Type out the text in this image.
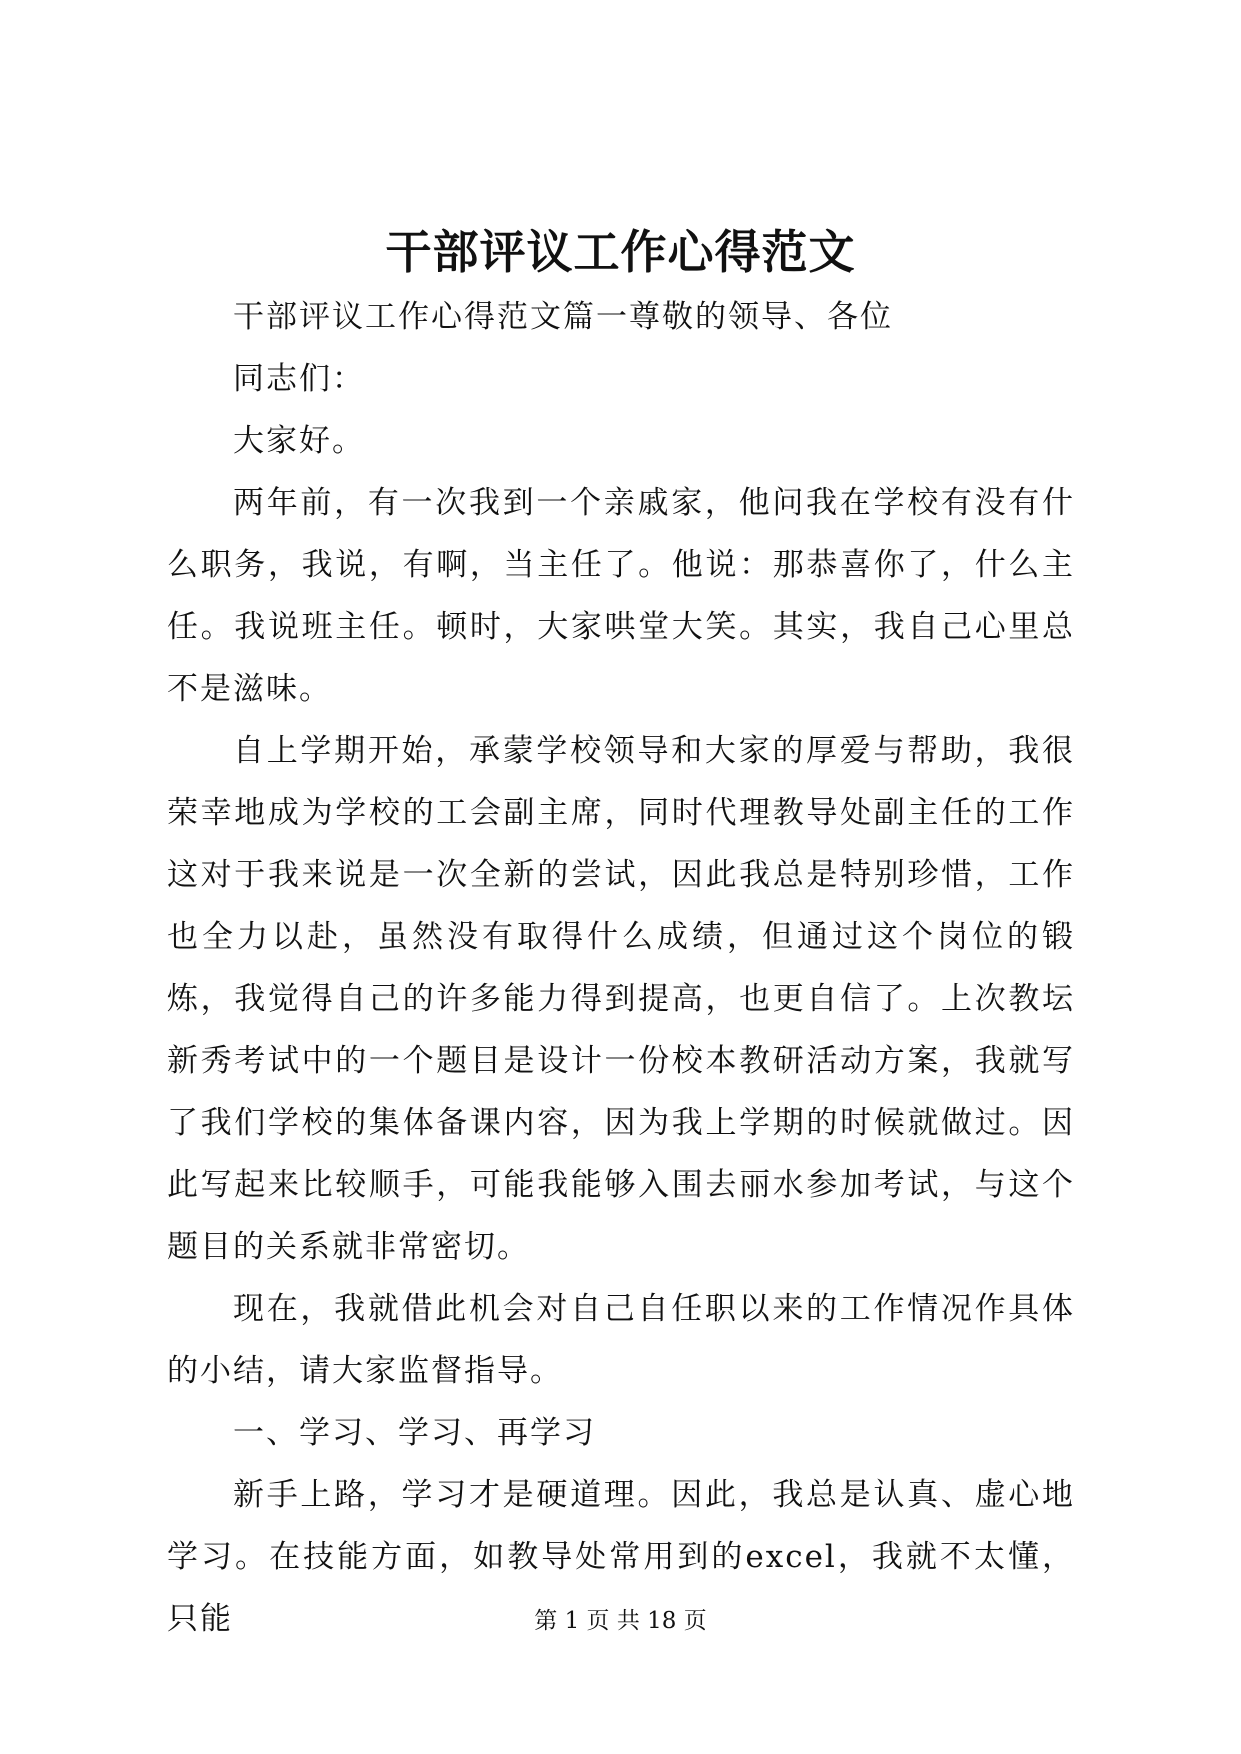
干部评议工作心得范文

干部评议工作心得范文篇一尊敬的领导、各位

同志们：

大家好。

两年前，有一次我到一个亲戚家，他问我在学校有没有什么职务，我说，有啊，当主任了。他说：那恭喜你了，什么主任。我说班主任。顿时，大家哄堂大笑。其实，我自己心里总不是滋味。

自上学期开始，承蒙学校领导和大家的厚爱与帮助，我很荣幸地成为学校的工会副主席，同时代理教导处副主任的工作这对于我来说是一次全新的尝试，因此我总是特别珍惜，工作也全力以赴，虽然没有取得什么成绩，但通过这个岗位的锻炼，我觉得自己的许多能力得到提高，也更自信了。上次教坛新秀考试中的一个题目是设计一份校本教研活动方案，我就写了我们学校的集体备课内容，因为我上学期的时候就做过。因此写起来比较顺手，可能我能够入围去丽水参加考试，与这个题目的关系就非常密切。

现在，我就借此机会对自己自任职以来的工作情况作具体的小结，请大家监督指导。

一、学习、学习、再学习

新手上路，学习才是硬道理。因此，我总是认真、虚心地学习。在技能方面，如教导处常用到的excel，我就不太懂，只能	第 1 页 共 18 页
